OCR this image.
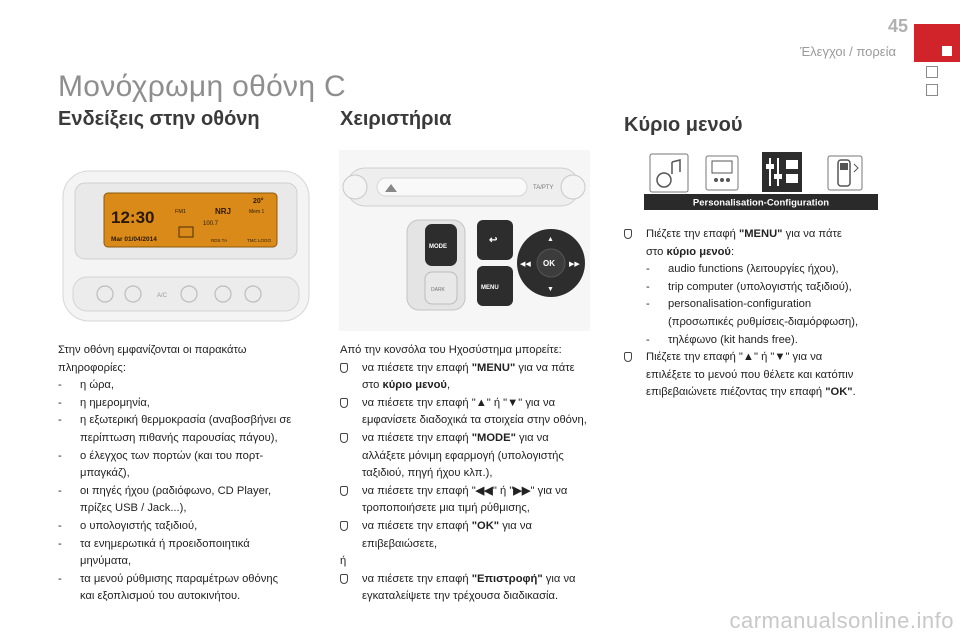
45
Έλεγχοι / πορεία
Μονόχρωμη οθόνη C
Ενδείξεις στην οθόνη	Χειριστήρια	Κύριο μενού
12:30
Mar 01/04/2014
20°
FM1	NRJ	Mem 1
100.7
RDS TA	TMC LOGO
A/C
TA/PTY
MODE
DARK
↩
MENU
OK
◀◀	▶▶
▲
▼
Personalisation-Configuration
Στην οθόνη εμφανίζονται οι παρακάτω
πληροφορίες:
-	η ώρα,
-	η ημερομηνία,
-	η εξωτερική θερμοκρασία (αναβοσβήνει σε
περίπτωση πιθανής παρουσίας πάγου),
-	ο έλεγχος των πορτών (και του πορτ-
μπαγκάζ),
-	οι πηγές ήχου (ραδιόφωνο, CD Player,
πρίζες USB / Jack...),
-	ο υπολογιστής ταξιδιού,
-	τα ενημερωτικά ή προειδοποιητικά
μηνύματα,
-	τα μενού ρύθμισης παραμέτρων οθόνης
και εξοπλισμού του αυτοκινήτου.
Από την κονσόλα του Ηχοσύστημα μπορείτε:
να πιέσετε την επαφή "MENU" για να πάτε
στο κύριο μενού,
να πιέσετε την επαφή "▲" ή "▼" για να
εμφανίσετε διαδοχικά τα στοιχεία στην οθόνη,
να πιέσετε την επαφή "MODE" για να
αλλάξετε μόνιμη εφαρμογή (υπολογιστής
ταξιδιού, πηγή ήχου κλπ.),
να πιέσετε την επαφή "◀◀" ή "▶▶" για να
τροποποιήσετε μια τιμή ρύθμισης,
να πιέσετε την επαφή "OK" για να
επιβεβαιώσετε,
ή
να πιέσετε την επαφή "Επιστροφή" για να
εγκαταλείψετε την τρέχουσα διαδικασία.
Πιέζετε την επαφή "MENU" για να πάτε
στο κύριο μενού:
-	audio functions (λειτουργίες ήχου),
-	trip computer (υπολογιστής ταξιδιού),
-	personalisation-configuration
(προσωπικές ρυθμίσεις-διαμόρφωση),
-	τηλέφωνο (kit hands free).
Πιέζετε την επαφή "▲" ή "▼" για να
επιλέξετε το μενού που θέλετε και κατόπιν
επιβεβαιώνετε πιέζοντας την επαφή "OK".
carmanualsonline.info
